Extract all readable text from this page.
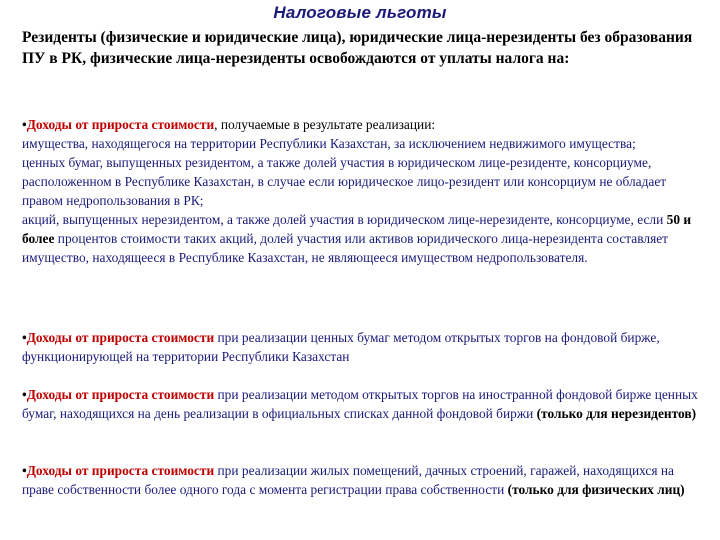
Налоговые льготы
Резиденты (физические и юридические лица), юридические лица-нерезиденты без образования ПУ в РК, физические лица-нерезиденты освобождаются от уплаты налога на:
•Доходы от прироста стоимости, получаемые в результате реализации:
имущества, находящегося на территории Республики Казахстан, за исключением недвижимого имущества;
ценных бумаг, выпущенных резидентом, а также долей участия в юридическом лице-резиденте, консорциуме, расположенном в Республике Казахстан, в случае если юридическое лицо-резидент или консорциум не обладает правом недропользования в РК;
акций, выпущенных нерезидентом, а также долей участия в юридическом лице-нерезиденте, консорциуме, если 50 и более процентов стоимости таких акций, долей участия или активов юридического лица-нерезидента составляет имущество, находящееся в Республике Казахстан, не являющееся имуществом недропользователя.
•Доходы от прироста стоимости при реализации ценных бумаг методом открытых торгов на фондовой бирже, функционирующей на территории Республики Казахстан
•Доходы от прироста стоимости при реализации методом открытых торгов на иностранной фондовой бирже ценных бумаг, находящихся на день реализации в официальных списках данной фондовой биржи (только для нерезидентов)
•Доходы от прироста стоимости при реализации жилых помещений, дачных строений, гаражей, находящихся на праве собственности более одного года с момента регистрации права собственности (только для физических лиц)
